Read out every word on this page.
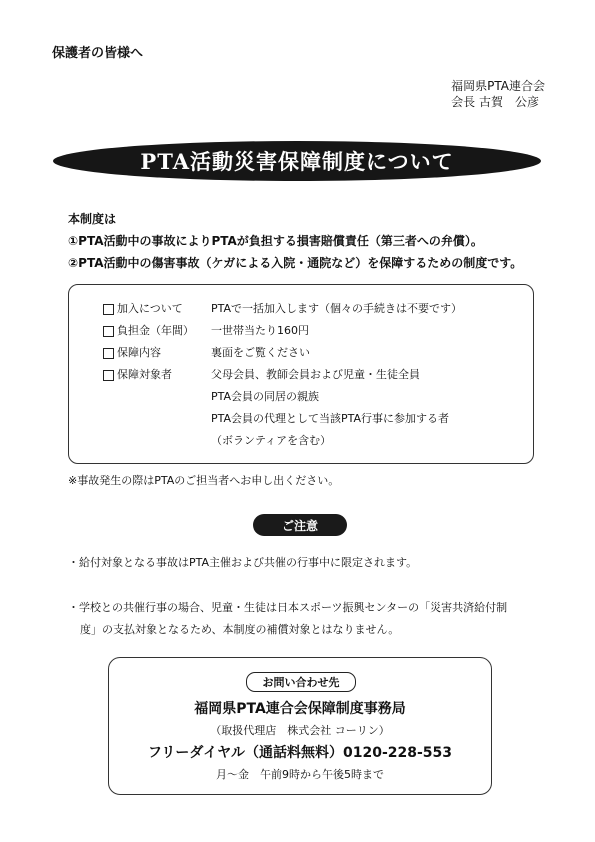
保護者の皆様へ
福岡県PTA連合会
会長 古賀　公彦
PTA活動災害保障制度について
本制度は
①PTA活動中の事故によりPTAが負担する損害賠償責任（第三者への弁償）。
②PTA活動中の傷害事故（ケガによる入院・通院など）を保障するための制度です。
加入について	PTAで一括加入します（個々の手続きは不要です）
負担金（年間） 一世帯当たり160円
保障内容	裏面をご覧ください
保障対象者	父母会員、教師会員および児童・生徒全員
PTA会員の同居の親族
PTA会員の代理として当該PTA行事に参加する者
（ボランティアを含む）
※事故発生の際はPTAのご担当者へお申し出ください。
ご注意
・給付対象となる事故はPTA主催および共催の行事中に限定されます。
・学校との共催行事の場合、児童・生徒は日本スポーツ振興センターの「災害共済給付制
度」の支払対象となるため、本制度の補償対象とはなりません。
お問い合わせ先
福岡県PTA連合会保障制度事務局
（取扱代理店　株式会社 コーリン）
フリーダイヤル（通話料無料）0120-228-553
月～金　午前9時から午後5時まで
